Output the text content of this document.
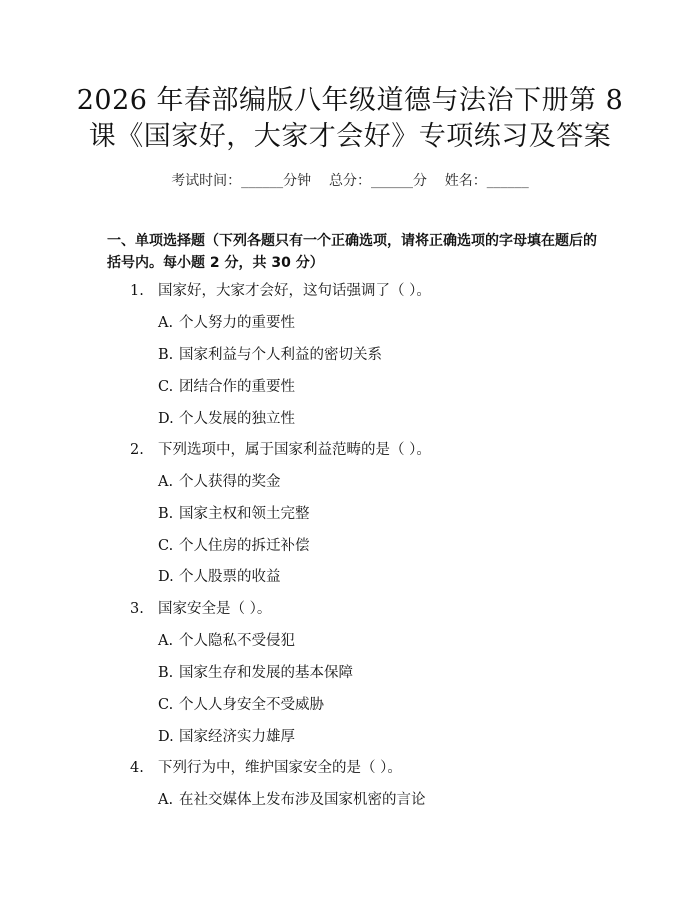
2026 年春部编版八年级道德与法治下册第 8
课《国家好，大家才会好》专项练习及答案
考试时间：______分钟    总分：______分    姓名：______
一、单项选择题（下列各题只有一个正确选项，请将正确选项的字母填在题后的
括号内。每小题 2 分，共 30 分）
1. 国家好，大家才会好，这句话强调了（ ）。
A. 个人努力的重要性
B. 国家利益与个人利益的密切关系
C. 团结合作的重要性
D. 个人发展的独立性
2. 下列选项中，属于国家利益范畴的是（ ）。
A. 个人获得的奖金
B. 国家主权和领土完整
C. 个人住房的拆迁补偿
D. 个人股票的收益
3. 国家安全是（ ）。
A. 个人隐私不受侵犯
B. 国家生存和发展的基本保障
C. 个人人身安全不受威胁
D. 国家经济实力雄厚
4. 下列行为中，维护国家安全的是（ ）。
A. 在社交媒体上发布涉及国家机密的言论
